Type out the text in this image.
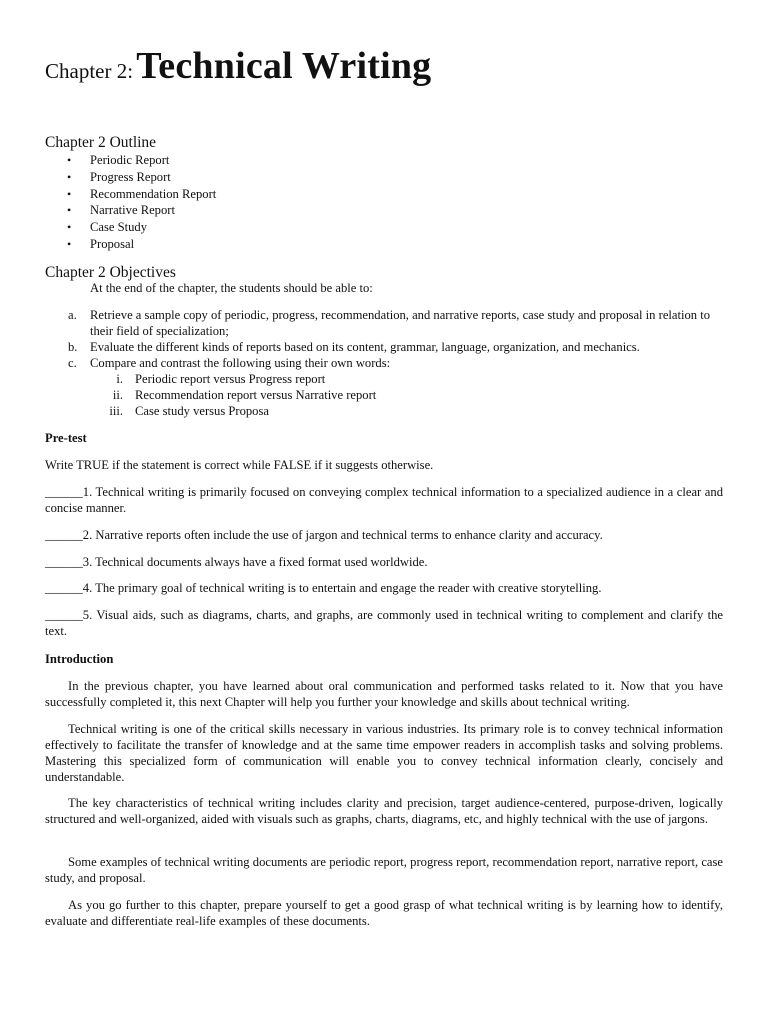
Chapter 2: Technical Writing
Chapter 2 Outline
• Periodic Report
• Progress Report
• Recommendation Report
• Narrative Report
• Case Study
• Proposal
Chapter 2 Objectives
At the end of the chapter, the students should be able to:
a. Retrieve a sample copy of periodic, progress, recommendation, and narrative reports, case study and proposal in relation to their field of specialization;
b. Evaluate the different kinds of reports based on its content, grammar, language, organization, and mechanics.
c. Compare and contrast the following using their own words:
i. Periodic report versus Progress report
ii. Recommendation report versus Narrative report
iii. Case study versus Proposa
Pre-test
Write TRUE if the statement is correct while FALSE if it suggests otherwise.
______1. Technical writing is primarily focused on conveying complex technical information to a specialized audience in a clear and concise manner.
______2. Narrative reports often include the use of jargon and technical terms to enhance clarity and accuracy.
______3. Technical documents always have a fixed format used worldwide.
______4. The primary goal of technical writing is to entertain and engage the reader with creative storytelling.
______5. Visual aids, such as diagrams, charts, and graphs, are commonly used in technical writing to complement and clarify the text.
Introduction
In the previous chapter, you have learned about oral communication and performed tasks related to it. Now that you have successfully completed it, this next Chapter will help you further your knowledge and skills about technical writing.
Technical writing is one of the critical skills necessary in various industries. Its primary role is to convey technical information effectively to facilitate the transfer of knowledge and at the same time empower readers in accomplish tasks and solving problems. Mastering this specialized form of communication will enable you to convey technical information clearly, concisely and understandable.
The key characteristics of technical writing includes clarity and precision, target audience-centered, purpose-driven, logically structured and well-organized, aided with visuals such as graphs, charts, diagrams, etc, and highly technical with the use of jargons.
Some examples of technical writing documents are periodic report, progress report, recommendation report, narrative report, case study, and proposal.
As you go further to this chapter, prepare yourself to get a good grasp of what technical writing is by learning how to identify, evaluate and differentiate real-life examples of these documents.
